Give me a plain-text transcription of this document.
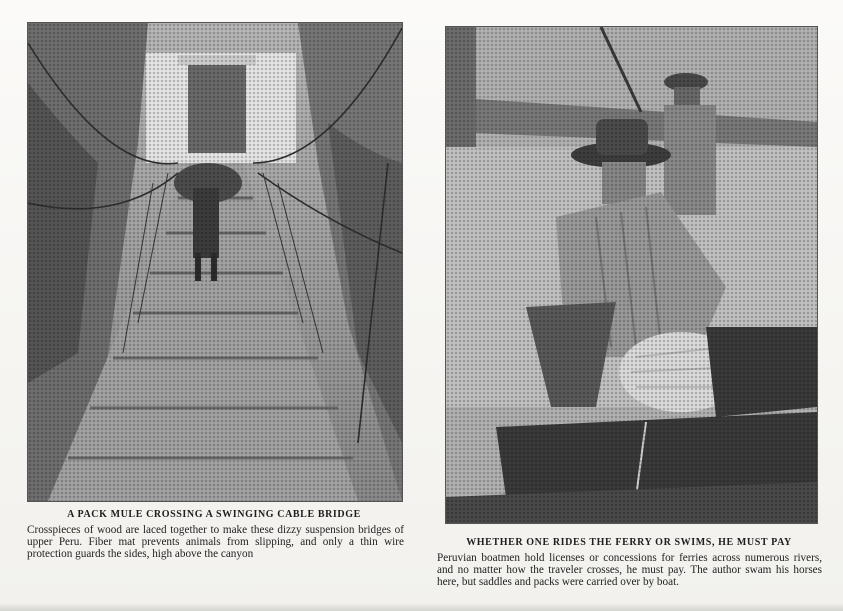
A PACK MULE CROSSING A SWINGING CABLE BRIDGE
Crosspieces of wood are laced together to make these dizzy suspension bridges of upper Peru. Fiber mat prevents animals from slipping, and only a thin wire protection guards the sides, high above the canyon
WHETHER ONE RIDES THE FERRY OR SWIMS, HE MUST PAY
Peruvian boatmen hold licenses or concessions for ferries across numerous rivers, and no matter how the traveler crosses, he must pay. The author swam his horses here, but saddles and packs were carried over by boat.
